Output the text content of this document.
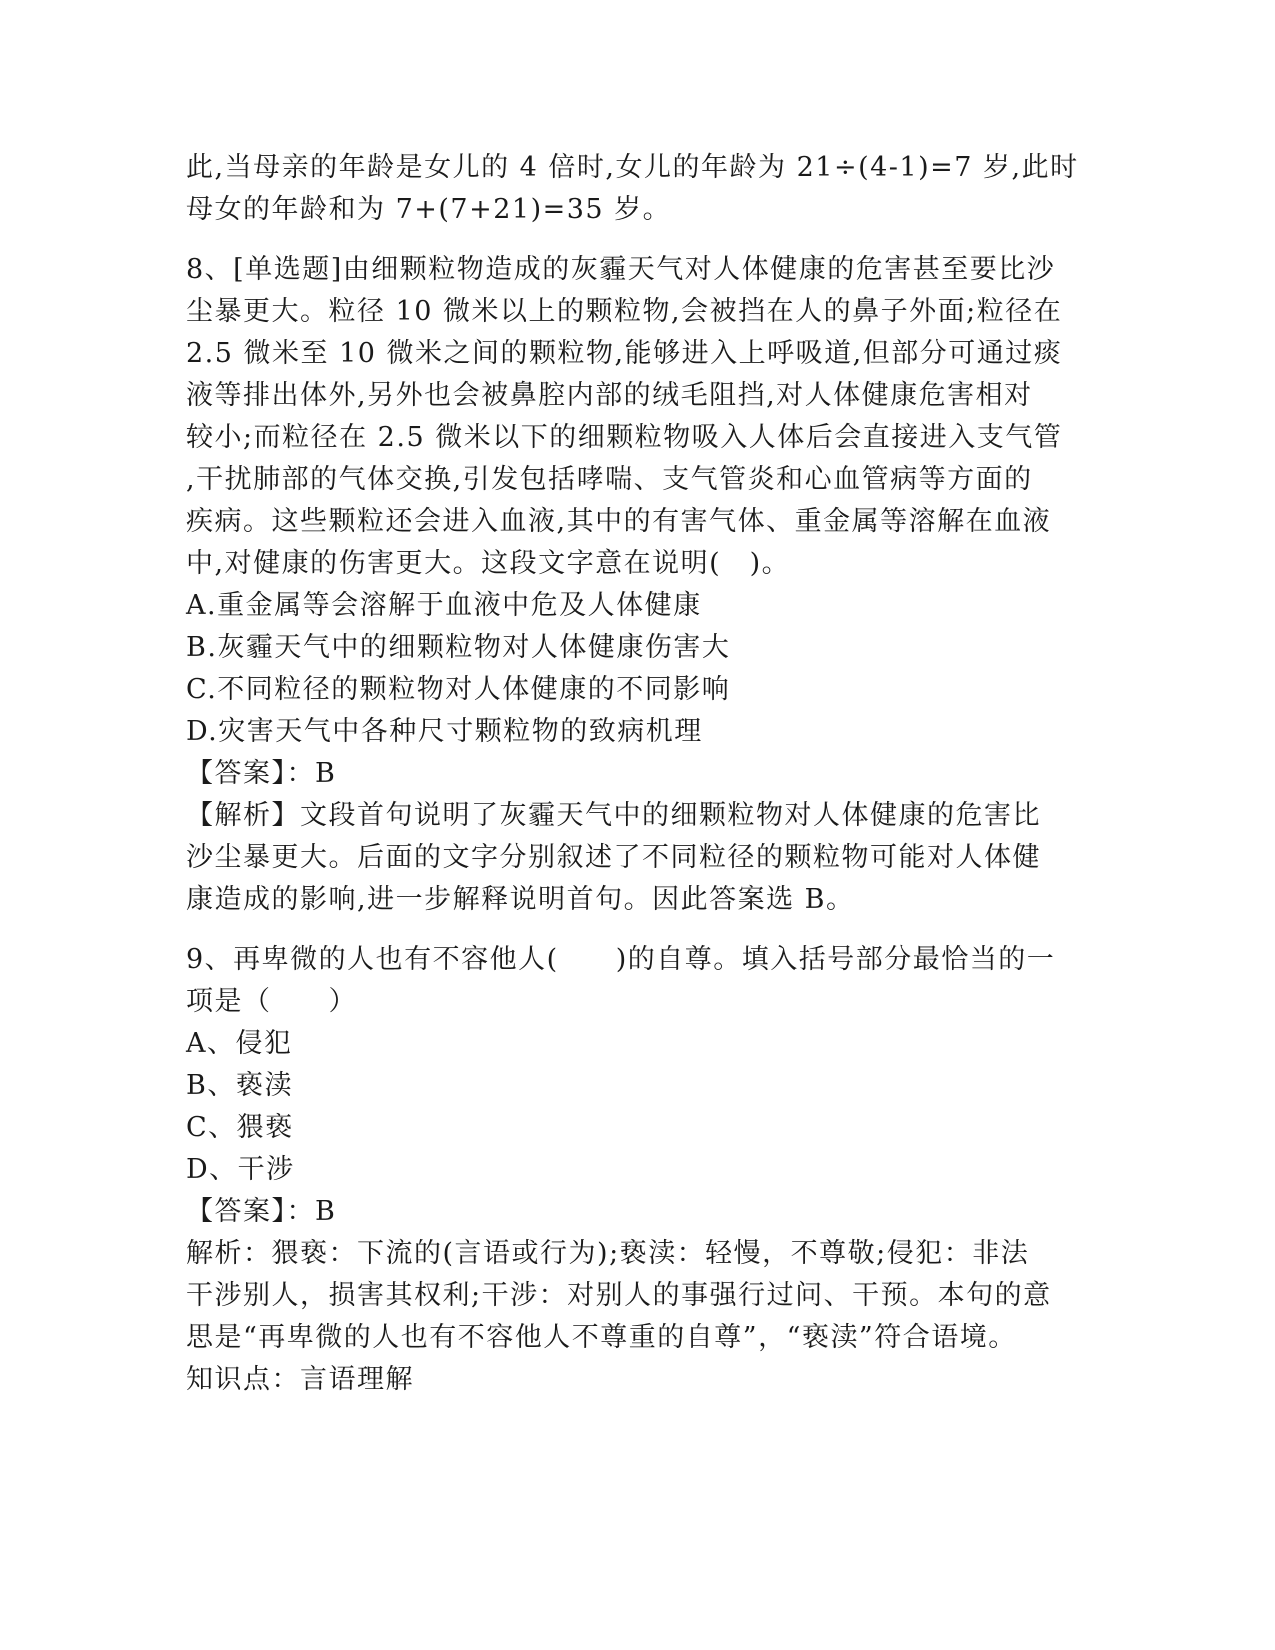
此,当母亲的年龄是女儿的 4 倍时,女儿的年龄为 21÷(4-1)=7 岁,此时
母女的年龄和为 7+(7+21)=35 岁。
8、[单选题]由细颗粒物造成的灰霾天气对人体健康的危害甚至要比沙
尘暴更大。粒径 10 微米以上的颗粒物,会被挡在人的鼻子外面;粒径在
2.5 微米至 10 微米之间的颗粒物,能够进入上呼吸道,但部分可通过痰
液等排出体外,另外也会被鼻腔内部的绒毛阻挡,对人体健康危害相对
较小;而粒径在 2.5 微米以下的细颗粒物吸入人体后会直接进入支气管
,干扰肺部的气体交换,引发包括哮喘、支气管炎和心血管病等方面的
疾病。这些颗粒还会进入血液,其中的有害气体、重金属等溶解在血液
中,对健康的伤害更大。这段文字意在说明(　)。
A.重金属等会溶解于血液中危及人体健康
B.灰霾天气中的细颗粒物对人体健康伤害大
C.不同粒径的颗粒物对人体健康的不同影响
D.灾害天气中各种尺寸颗粒物的致病机理
【答案】：B
【解析】文段首句说明了灰霾天气中的细颗粒物对人体健康的危害比
沙尘暴更大。后面的文字分别叙述了不同粒径的颗粒物可能对人体健
康造成的影响,进一步解释说明首句。因此答案选 B。
9、再卑微的人也有不容他人(　　)的自尊。填入括号部分最恰当的一
项是（　　）
A、侵犯
B、亵渎
C、猥亵
D、干涉
【答案】：B
解析：猥亵：下流的(言语或行为);亵渎：轻慢，不尊敬;侵犯：非法
干涉别人，损害其权利;干涉：对别人的事强行过问、干预。本句的意
思是“再卑微的人也有不容他人不尊重的自尊”，“亵渎”符合语境。
知识点：言语理解
